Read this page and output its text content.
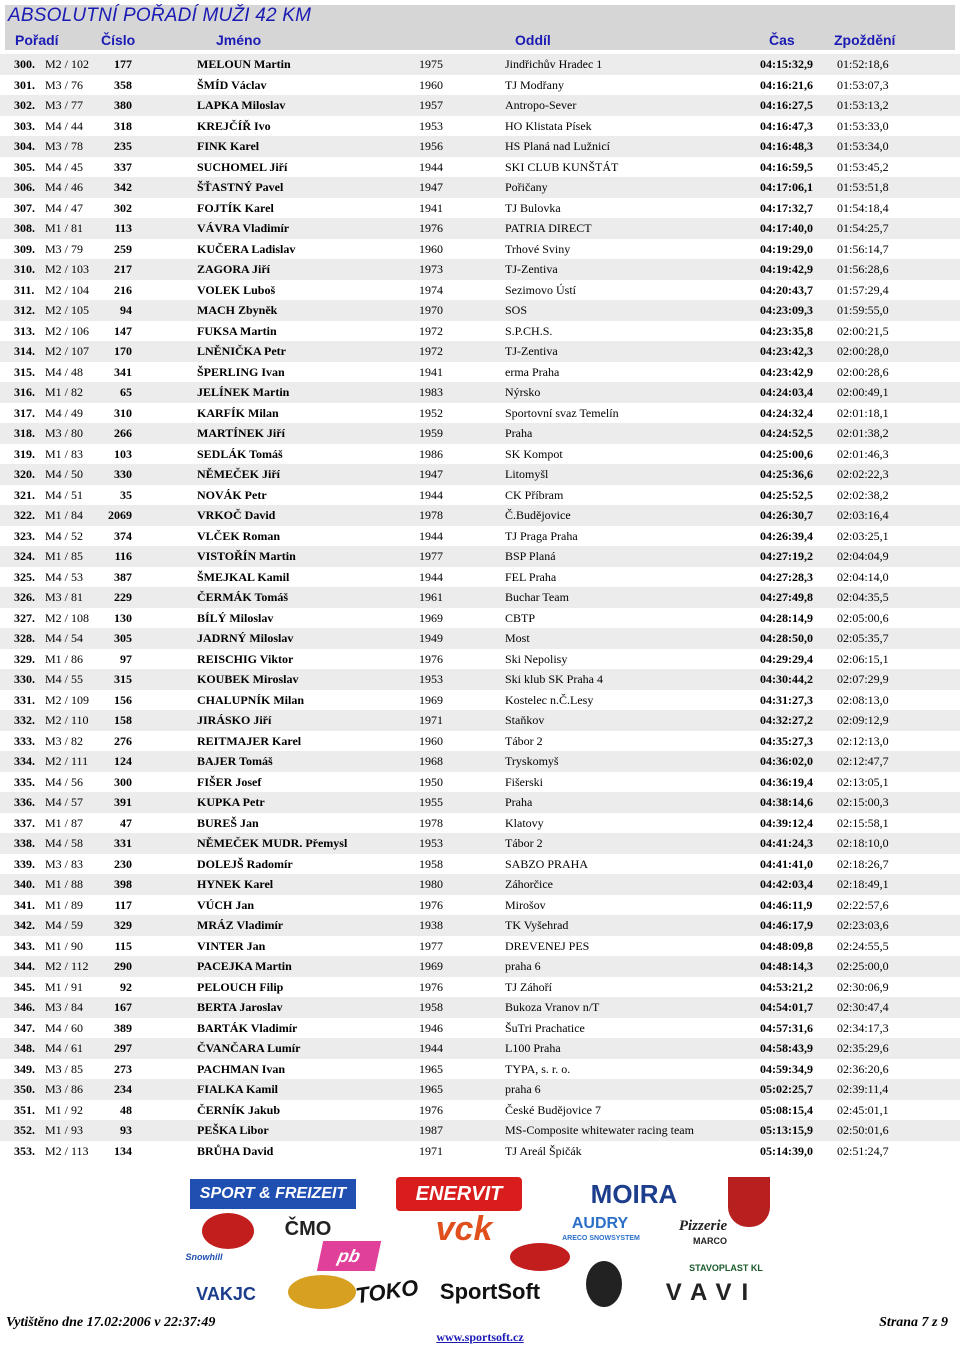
ABSOLUTNÍ POŘADÍ MUŽI 42 KM
Pořadí	Číslo	Jméno	Oddíl	Čas	Zpoždění
300. M2 / 102	177	MELOUN Martin	1975	Jindřichův Hradec 1	04:15:32,9 01:52:18,6
301. M3 / 76	358	ŠMÍD Václav	1960	TJ Modřany	04:16:21,6 01:53:07,3
302. M3 / 77	380	LAPKA Miloslav	1957	Antropo-Sever	04:16:27,5 01:53:13,2
303. M4 / 44	318	KREJČÍŘ Ivo	1953	HO Klistata Písek	04:16:47,3 01:53:33,0
304. M3 / 78	235	FINK Karel	1956	HS Planá nad Lužnicí	04:16:48,3 01:53:34,0
305. M4 / 45	337	SUCHOMEL Jiří	1944	SKI CLUB KUNŠTÁT	04:16:59,5 01:53:45,2
306. M4 / 46	342	ŠŤASTNÝ Pavel	1947	Pořičany	04:17:06,1 01:53:51,8
307. M4 / 47	302	FOJTÍK Karel	1941	TJ Bulovka	04:17:32,7 01:54:18,4
308. M1 / 81	113	VÁVRA Vladimír	1976	PATRIA DIRECT	04:17:40,0 01:54:25,7
309. M3 / 79	259	KUČERA Ladislav	1960	Trhové Sviny	04:19:29,0 01:56:14,7
310. M2 / 103	217	ZAGORA Jiří	1973	TJ-Zentiva	04:19:42,9 01:56:28,6
311. M2 / 104	216	VOLEK Luboš	1974	Sezimovo Ústí	04:20:43,7 01:57:29,4
312. M2 / 105	94	MACH Zbyněk	1970	SOS	04:23:09,3 01:59:55,0
313. M2 / 106	147	FUKSA Martin	1972	S.P.CH.S.	04:23:35,8 02:00:21,5
314. M2 / 107	170	LNĚNIČKA Petr	1972	TJ-Zentiva	04:23:42,3 02:00:28,0
315. M4 / 48	341	ŠPERLING Ivan	1941	erma Praha	04:23:42,9 02:00:28,6
316. M1 / 82	65	JELÍNEK Martin	1983	Nýrsko	04:24:03,4 02:00:49,1
317. M4 / 49	310	KARFÍK Milan	1952	Sportovní svaz Temelín	04:24:32,4 02:01:18,1
318. M3 / 80	266	MARTÍNEK Jiří	1959	Praha	04:24:52,5 02:01:38,2
319. M1 / 83	103	SEDLÁK Tomáš	1986	SK Kompot	04:25:00,6 02:01:46,3
320. M4 / 50	330	NĚMEČEK Jiří	1947	Litomyšl	04:25:36,6 02:02:22,3
321. M4 / 51	35	NOVÁK Petr	1944	CK Příbram	04:25:52,5 02:02:38,2
322. M1 / 84	2069	VRKOČ David	1978	Č.Budějovice	04:26:30,7 02:03:16,4
323. M4 / 52	374	VLČEK Roman	1944	TJ Praga Praha	04:26:39,4 02:03:25,1
324. M1 / 85	116	VISTOŘÍN Martin	1977	BSP Planá	04:27:19,2 02:04:04,9
325. M4 / 53	387	ŠMEJKAL Kamil	1944	FEL Praha	04:27:28,3 02:04:14,0
326. M3 / 81	229	ČERMÁK Tomáš	1961	Buchar Team	04:27:49,8 02:04:35,5
327. M2 / 108	130	BÍLÝ Miloslav	1969	CBTP	04:28:14,9 02:05:00,6
328. M4 / 54	305	JADRNÝ Miloslav	1949	Most	04:28:50,0 02:05:35,7
329. M1 / 86	97	REISCHIG Viktor	1976	Ski Nepolisy	04:29:29,4 02:06:15,1
330. M4 / 55	315	KOUBEK Miroslav	1953	Ski klub SK Praha 4	04:30:44,2 02:07:29,9
331. M2 / 109	156	CHALUPNÍK Milan	1969	Kostelec n.Č.Lesy	04:31:27,3 02:08:13,0
332. M2 / 110	158	JIRÁSKO Jiří	1971	Staňkov	04:32:27,2 02:09:12,9
333. M3 / 82	276	REITMAJER Karel	1960	Tábor 2	04:35:27,3 02:12:13,0
334. M2 / 111	124	BAJER Tomáš	1968	Tryskomyš	04:36:02,0 02:12:47,7
335. M4 / 56	300	FIŠER Josef	1950	Fišerski	04:36:19,4 02:13:05,1
336. M4 / 57	391	KUPKA Petr	1955	Praha	04:38:14,6 02:15:00,3
337. M1 / 87	47	BUREŠ Jan	1978	Klatovy	04:39:12,4 02:15:58,1
338. M4 / 58	331	NĚMEČEK MUDR. Přemysl	1953	Tábor 2	04:41:24,3 02:18:10,0
339. M3 / 83	230	DOLEJŠ Radomír	1958	SABZO PRAHA	04:41:41,0 02:18:26,7
340. M1 / 88	398	HYNEK Karel	1980	Záhorčice	04:42:03,4 02:18:49,1
341. M1 / 89	117	VÚCH Jan	1976	Mirošov	04:46:11,9 02:22:57,6
342. M4 / 59	329	MRÁZ Vladimír	1938	TK Vyšehrad	04:46:17,9 02:23:03,6
343. M1 / 90	115	VINTER Jan	1977	DREVENEJ PES	04:48:09,8 02:24:55,5
344. M2 / 112	290	PACEJKA Martin	1969	praha 6	04:48:14,3 02:25:00,0
345. M1 / 91	92	PELOUCH Filip	1976	TJ Záhoří	04:53:21,2 02:30:06,9
346. M3 / 84	167	BERTA Jaroslav	1958	Bukoza Vranov n/T	04:54:01,7 02:30:47,4
347. M4 / 60	389	BARTÁK Vladimír	1946	ŠuTri Prachatice	04:57:31,6 02:34:17,3
348. M4 / 61	297	ČVANČARA Lumír	1944	L100 Praha	04:58:43,9 02:35:29,6
349. M3 / 85	273	PACHMAN Ivan	1965	TYPA, s. r. o.	04:59:34,9 02:36:20,6
350. M3 / 86	234	FIALKA Kamil	1965	praha 6	05:02:25,7 02:39:11,4
351. M1 / 92	48	ČERNÍK Jakub	1976	České Budějovice 7	05:08:15,4 02:45:01,1
352. M1 / 93	93	PEŠKA Libor	1987	MS-Composite whitewater racing team	05:13:15,9 02:50:01,6
353. M2 / 113	134	BRŮHA David	1971	TJ Areál Špičák	05:14:39,0 02:51:24,7
SPORT & FREIZEIT	ENERVIT	MOIRA
ČMO	vck	AUDRY
ARECO SNOWSYSTEM
Pizzerie
MARCO
Snowhill	pb
STAVOPLAST KL
VAKJC	TOKO SportSoft	VAVI
Vytištěno dne 17.02:2006 v 22:37:49	Strana 7 z 9
www.sportsoft.cz
